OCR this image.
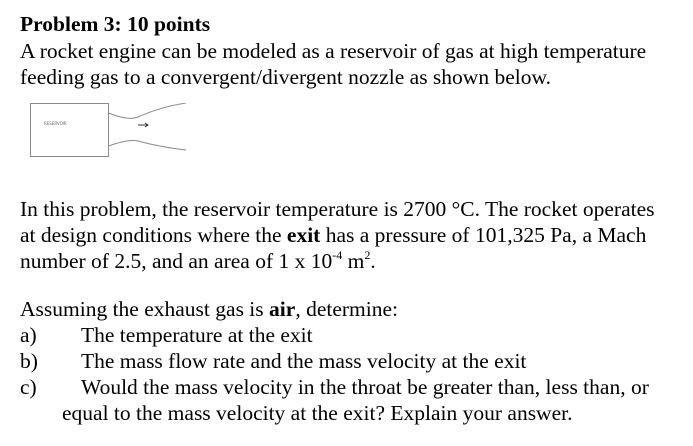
Problem 3: 10 points
A rocket engine can be modeled as a reservoir of gas at high temperature
feeding gas to a convergent/divergent nozzle as shown below.
RESERVOIR
In this problem, the reservoir temperature is 2700 °C. The rocket operates
at design conditions where the exit has a pressure of 101,325 Pa, a Mach
number of 2.5, and an area of 1 x $10^{-4}$ $m^2$.
Assuming the exhaust gas is air, determine:
a) The temperature at the exit
b) The mass flow rate and the mass velocity at the exit
c) Would the mass velocity in the throat be greater than, less than, or
equal to the mass velocity at the exit? Explain your answer.
